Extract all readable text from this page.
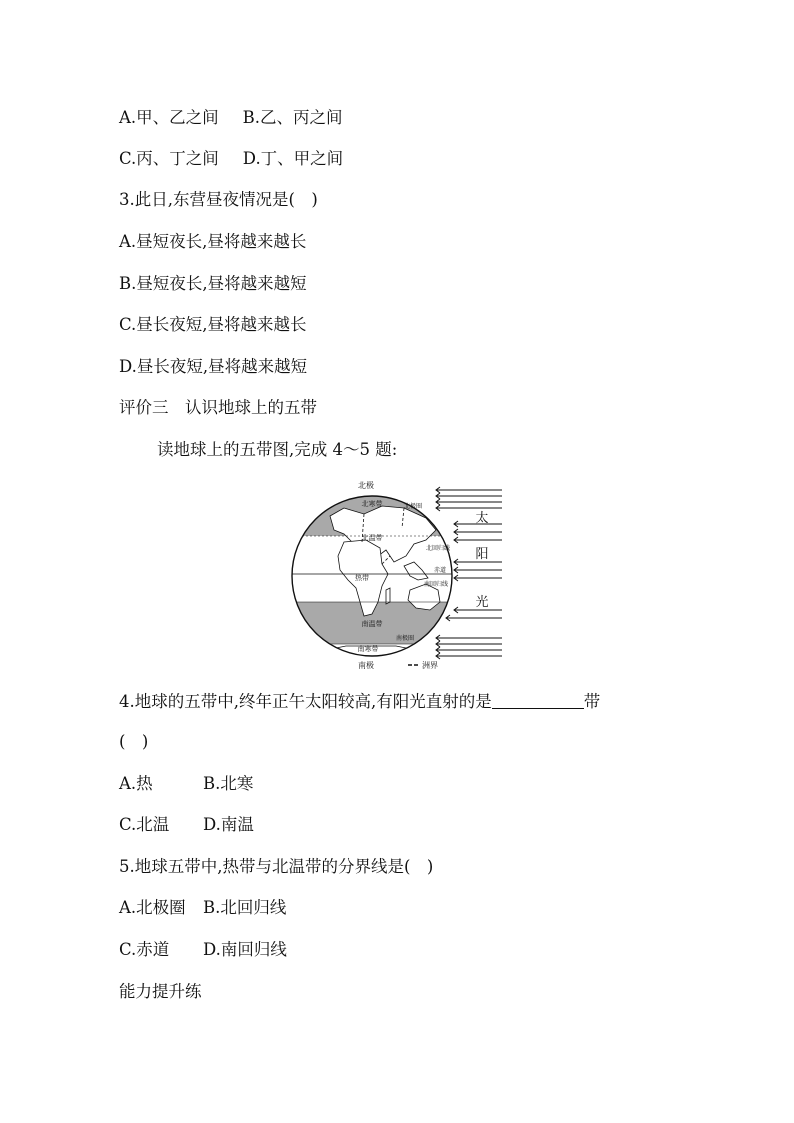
A.甲、乙之间 B.乙、丙之间
C.丙、丁之间 D.丁、甲之间
3.此日,东营昼夜情况是(　)
A.昼短夜长,昼将越来越长
B.昼短夜长,昼将越来越短
C.昼长夜短,昼将越来越长
D.昼长夜短,昼将越来越短
评价三　认识地球上的五带
读地球上的五带图,完成 4～5 题:
北极
北寒带	北极圈
北温带
北回归线
赤道
热带
南回归线
南温带
南极圈
南寒带
南极	洲界
太
阳
光
4.地球的五带中,终年正午太阳较高,有阳光直射的是	带
(　)
A.热	B.北寒
C.北温 D.南温
5.地球五带中,热带与北温带的分界线是(　)
A.北极圈 B.北回归线
C.赤道 D.南回归线
能力提升练
